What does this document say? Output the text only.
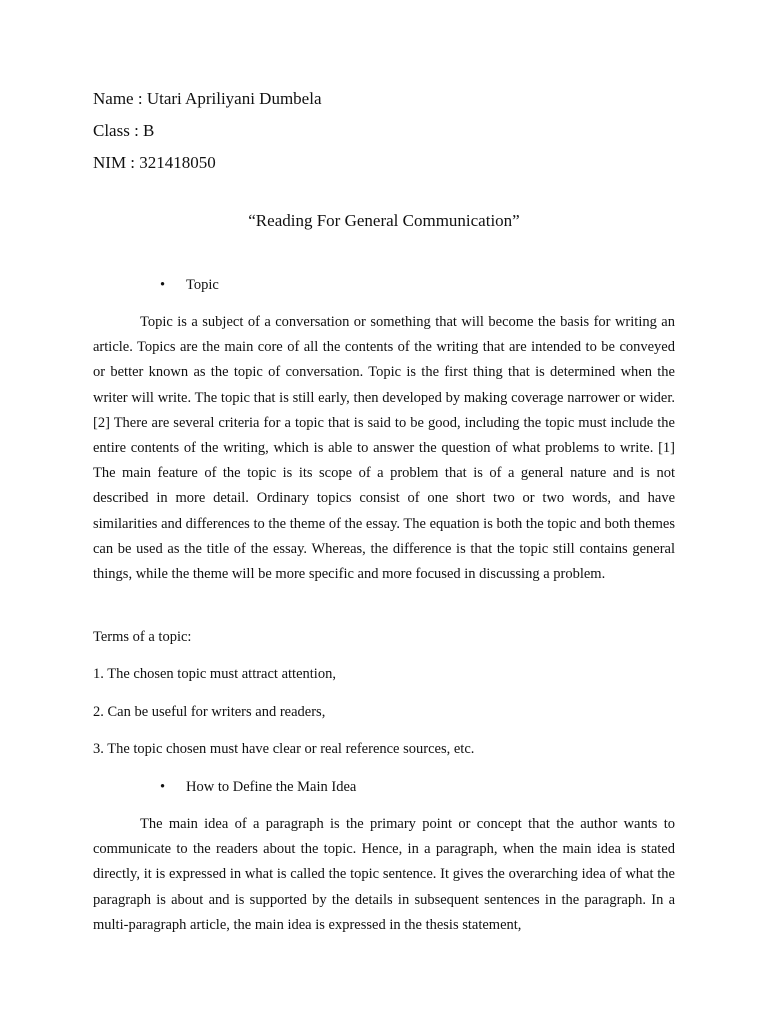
Name : Utari Apriliyani Dumbela
Class : B
NIM : 321418050
“Reading For General Communication”
• Topic

Topic is a subject of a conversation or something that will become the basis for writing an article. Topics are the main core of all the contents of the writing that are intended to be conveyed or better known as the topic of conversation. Topic is the first thing that is determined when the writer will write. The topic that is still early, then developed by making coverage narrower or wider. [2] There are several criteria for a topic that is said to be good, including the topic must include the entire contents of the writing, which is able to answer the question of what problems to write. [1] The main feature of the topic is its scope of a problem that is of a general nature and is not described in more detail. Ordinary topics consist of one short two or two words, and have similarities and differences to the theme of the essay. The equation is both the topic and both themes can be used as the title of the essay. Whereas, the difference is that the topic still contains general things, while the theme will be more specific and more focused in discussing a problem.

Terms of a topic:
1. The chosen topic must attract attention,
2. Can be useful for writers and readers,
3. The topic chosen must have clear or real reference sources, etc.
• How to Define the Main Idea

The main idea of a paragraph is the primary point or concept that the author wants to communicate to the readers about the topic. Hence, in a paragraph, when the main idea is stated directly, it is expressed in what is called the topic sentence. It gives the overarching idea of what the paragraph is about and is supported by the details in subsequent sentences in the paragraph. In a multi-paragraph article, the main idea is expressed in the thesis statement,
